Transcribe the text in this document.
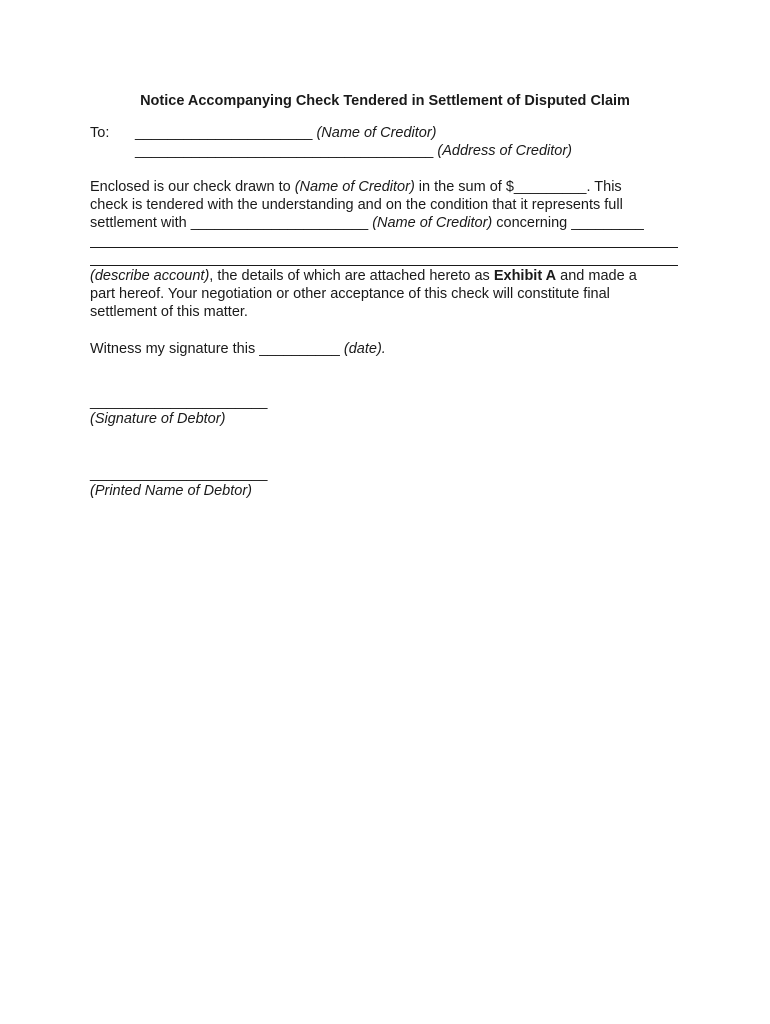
Notice Accompanying Check Tendered in Settlement of Disputed Claim
To: ______________________ (Name of Creditor)
_____________________________________ (Address of Creditor)
Enclosed is our check drawn to (Name of Creditor) in the sum of $_________. This
check is tendered with the understanding and on the condition that it represents full
settlement with ______________________ (Name of Creditor) concerning _________
(describe account), the details of which are attached hereto as Exhibit A and made a
part hereof. Your negotiation or other acceptance of this check will constitute final
settlement of this matter.
Witness my signature this __________ (date).
______________________
(Signature of Debtor)
______________________
(Printed Name of Debtor)
